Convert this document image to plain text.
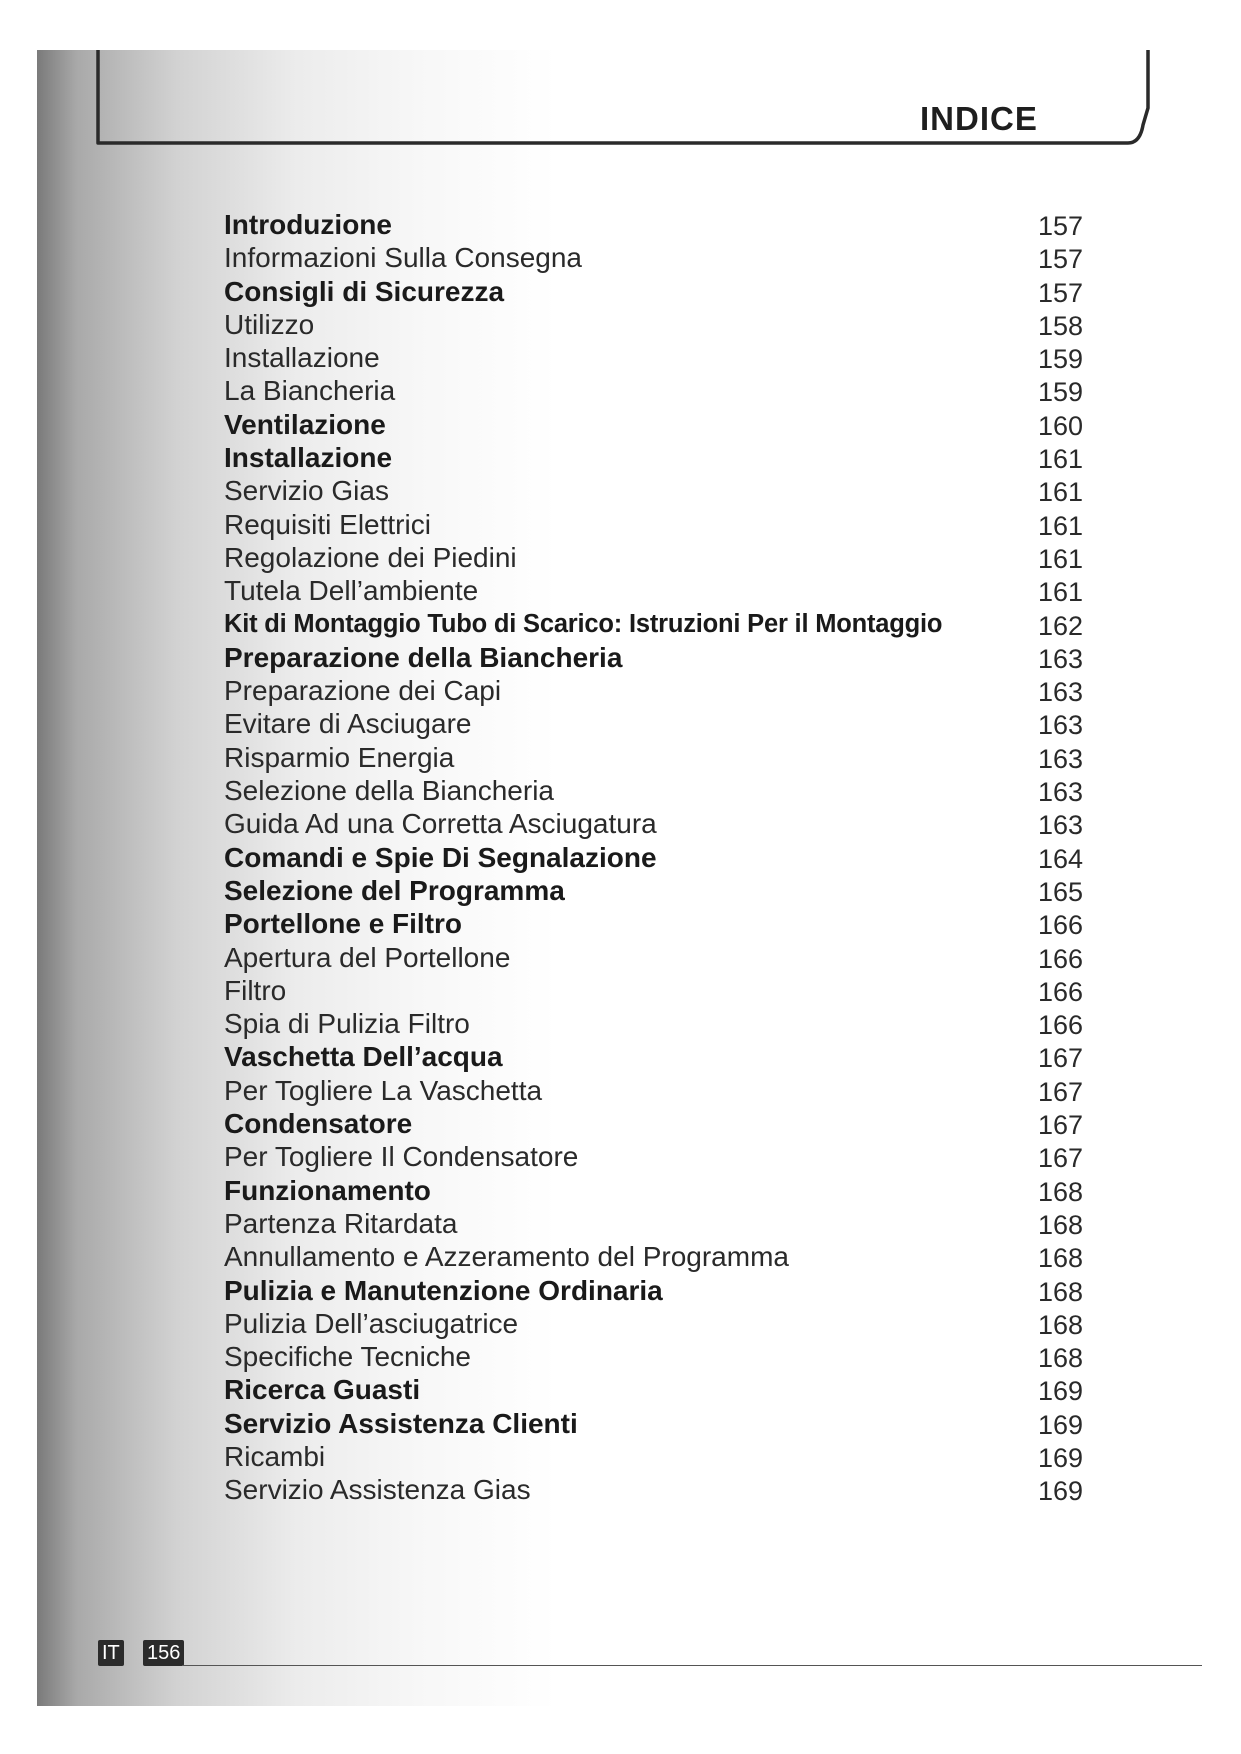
INDICE
Introduzione	157
Informazioni Sulla Consegna	157
Consigli di Sicurezza	157
Utilizzo	158
Installazione	159
La Biancheria	159
Ventilazione	160
Installazione	161
Servizio Gias	161
Requisiti Elettrici	161
Regolazione dei Piedini	161
Tutela Dell’ambiente	161
Kit di Montaggio Tubo di Scarico: Istruzioni Per il Montaggio	162
Preparazione della Biancheria	163
Preparazione dei Capi	163
Evitare di Asciugare	163
Risparmio Energia	163
Selezione della Biancheria	163
Guida Ad una Corretta Asciugatura	163
Comandi e Spie Di Segnalazione	164
Selezione del Programma	165
Portellone e Filtro	166
Apertura del Portellone	166
Filtro	166
Spia di Pulizia Filtro	166
Vaschetta Dell’acqua	167
Per Togliere La Vaschetta	167
Condensatore	167
Per Togliere Il Condensatore	167
Funzionamento	168
Partenza Ritardata	168
Annullamento e Azzeramento del Programma	168
Pulizia e Manutenzione Ordinaria	168
Pulizia Dell’asciugatrice	168
Specifiche Tecniche	168
Ricerca Guasti	169
Servizio Assistenza Clienti	169
Ricambi	169
Servizio Assistenza Gias	169
IT 156
